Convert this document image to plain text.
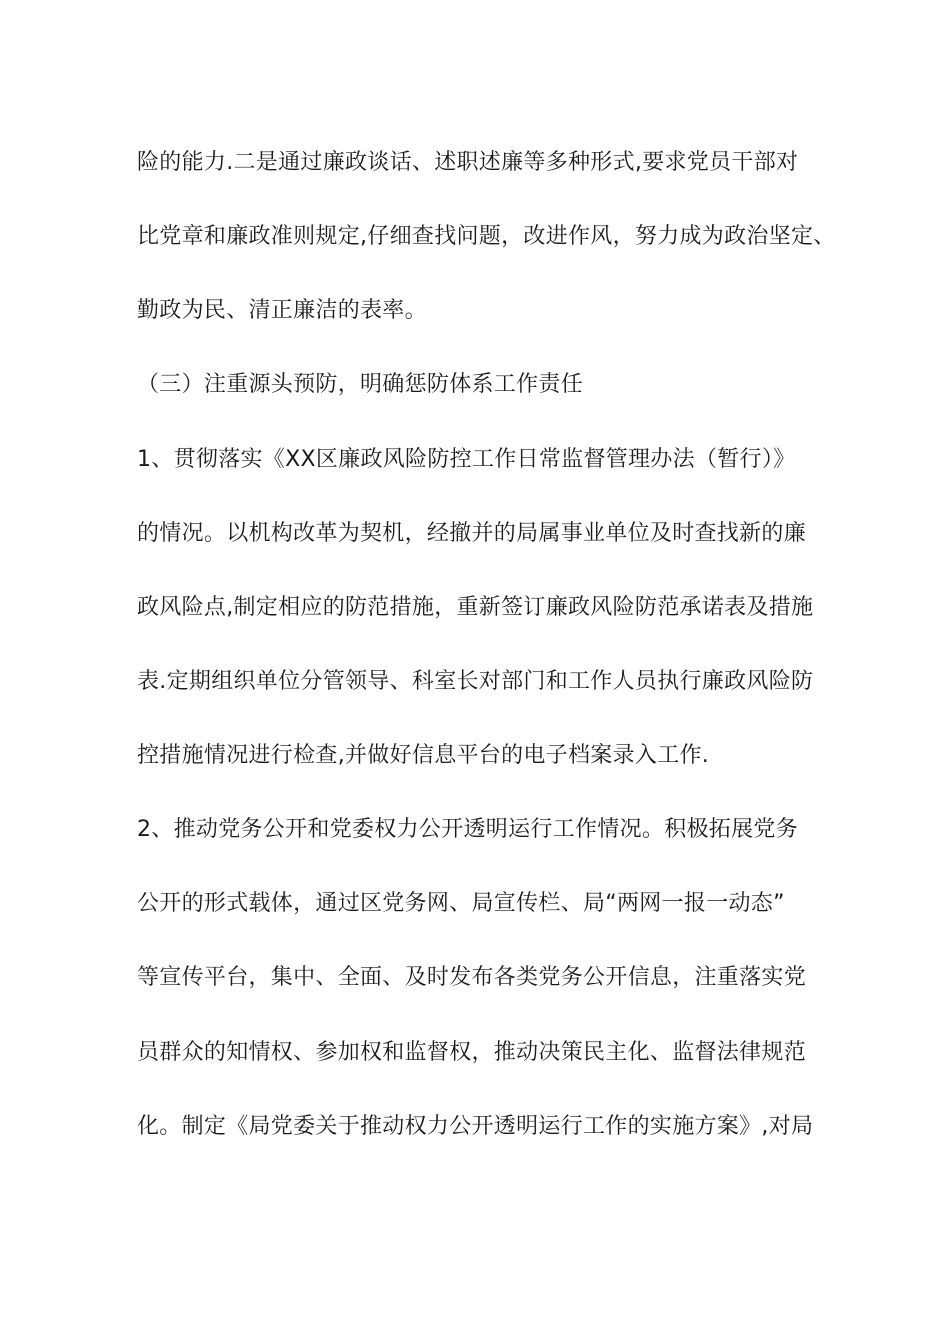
险的能力.二是通过廉政谈话、述职述廉等多种形式,要求党员干部对
比党章和廉政准则规定,仔细查找问题，改进作风，努力成为政治坚定、
勤政为民、清正廉洁的表率。
（三）注重源头预防，明确惩防体系工作责任
1、贯彻落实《XX区廉政风险防控工作日常监督管理办法（暂行）》
的情况。以机构改革为契机，经撤并的局属事业单位及时查找新的廉
政风险点,制定相应的防范措施，重新签订廉政风险防范承诺表及措施
表.定期组织单位分管领导、科室长对部门和工作人员执行廉政风险防
控措施情况进行检查,并做好信息平台的电子档案录入工作.
2、推动党务公开和党委权力公开透明运行工作情况。积极拓展党务
公开的形式载体，通过区党务网、局宣传栏、局“两网一报一动态”
等宣传平台，集中、全面、及时发布各类党务公开信息，注重落实党
员群众的知情权、参加权和监督权，推动决策民主化、监督法律规范
化。制定《局党委关于推动权力公开透明运行工作的实施方案》,对局
